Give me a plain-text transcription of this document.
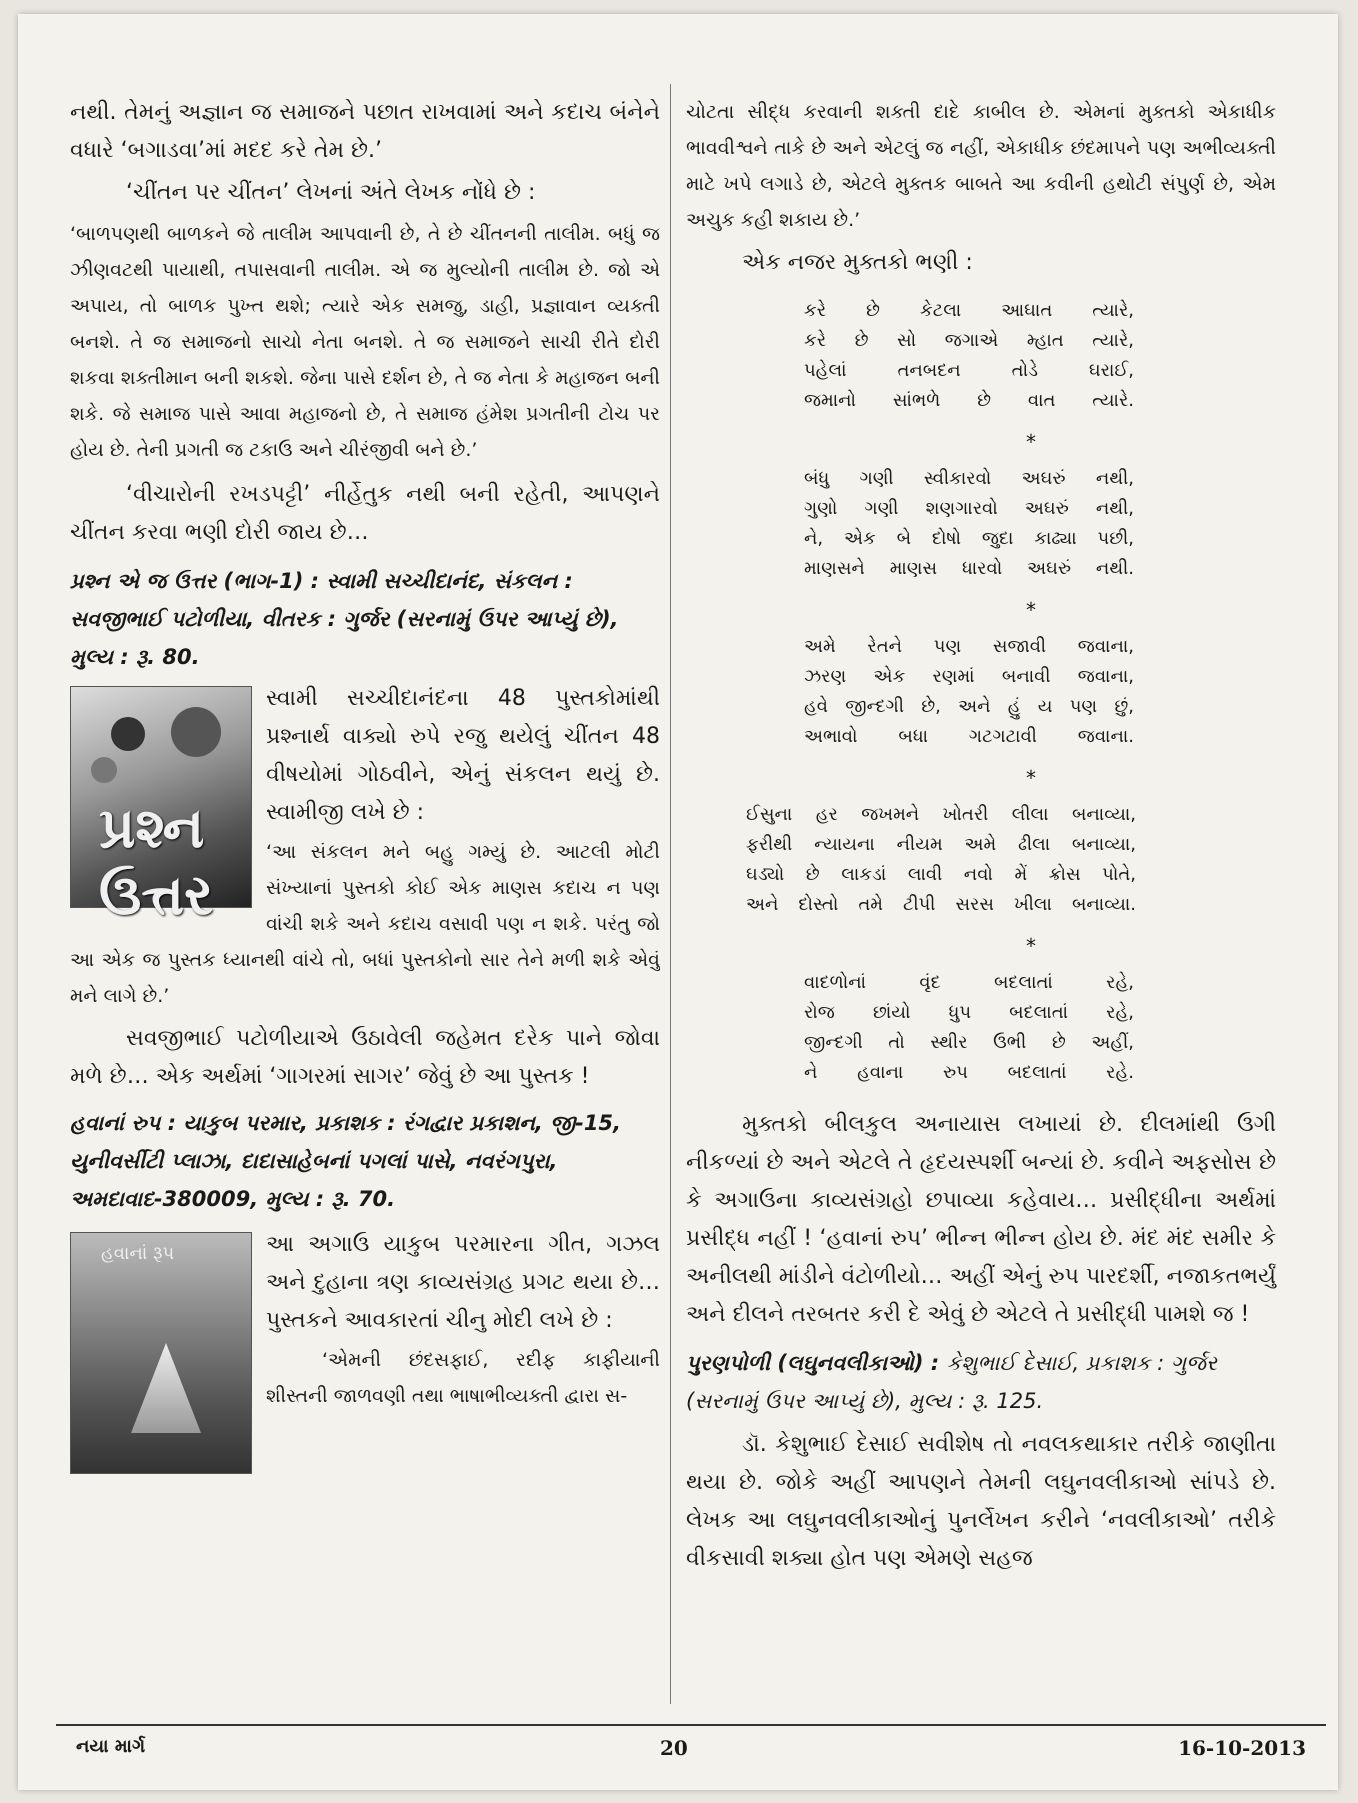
નથી. તેમનું અજ્ઞાન જ સમાજને પછાત રાખવામાં અને કદાચ બંનેને વધારે ‘બગાડવા’માં મદદ કરે તેમ છે.’

‘ચીંતન પર ચીંતન’ લેખનાં અંતે લેખક નોંધે છે :

‘બાળપણથી બાળકને જે તાલીમ આપવાની છે, તે છે ચીંતનની તાલીમ. બધું જ ઝીણવટથી પાયાથી, તપાસવાની તાલીમ. એ જ મુલ્યોની તાલીમ છે. જો એ અપાય, તો બાળક પુખ્ત થશે; ત્યારે એક સમજુ, ડાહી, પ્રજ્ઞાવાન વ્યક્તી બનશે. તે જ સમાજનો સાચો નેતા બનશે. તે જ સમાજને સાચી રીતે દોરી શકવા શક્તીમાન બની શકશે. જેના પાસે દર્શન છે, તે જ નેતા કે મહાજન બની શકે. જે સમાજ પાસે આવા મહાજનો છે, તે સમાજ હંમેશ પ્રગતીની ટોચ પર હોય છે. તેની પ્રગતી જ ટકાઉ અને ચીરંજીવી બને છે.’

‘વીચારોની રખડપટ્ટી’ નીર્હેતુક નથી બની રહેતી, આપણને ચીંતન કરવા ભણી દોરી જાય છે…

પ્રશ્ન એ જ ઉત્તર (ભાગ-1) : સ્વામી સચ્ચીદાનંદ, સંકલન : સવજીભાઈ પટોળીયા, વીતરક : ગુર્જર (સરનામું ઉપર આપ્યું છે), મુલ્ય : રૂ. 80.

પ્રશ્ન ઉત્તર

સ્વામી સચ્ચીદાનંદના 48 પુસ્તકોમાંથી પ્રશ્નાર્થ વાક્યો રુપે રજુ થયેલું ચીંતન 48 વીષયોમાં ગોઠવીને, એનું સંકલન થયું છે. સ્વામીજી લખે છે :

‘આ સંકલન મને બહુ ગમ્યું છે. આટલી મોટી સંખ્યાનાં પુસ્તકો કોઈ એક માણસ કદાચ ન પણ વાંચી શકે અને કદાચ વસાવી પણ ન શકે. પરંતુ જો આ એક જ પુસ્તક ધ્યાનથી વાંચે તો, બધાં પુસ્તકોનો સાર તેને મળી શકે એવું મને લાગે છે.’

સવજીભાઈ પટોળીયાએ ઉઠાવેલી જહેમત દરેક પાને જોવા મળે છે… એક અર્થમાં ‘ગાગરમાં સાગર’ જેવું છે આ પુસ્તક !

હવાનાં રુપ : યાકુબ પરમાર, પ્રકાશક : રંગદ્વાર પ્રકાશન, જી-15, યુનીવર્સીટી પ્લાઝા, દાદાસાહેબનાં પગલાં પાસે, નવરંગપુરા, અમદાવાદ-380009, મુલ્ય : રૂ. 70.

હવાનાં રૂપ	આ અગાઉ યાકુબ પરમારના ગીત, ગઝલ અને દુહાના ત્રણ કાવ્યસંગ્રહ પ્રગટ થયા છે… પુસ્તકને આવકારતાં ચીનુ મોદી લખે છે :

‘એમની છંદસફાઈ, રદીફ કાફીયાની શીસ્તની જાળવણી તથા ભાષાભીવ્યક્તી દ્વારા સ-

ચોટતા સીદ્ધ કરવાની શક્તી દાદે કાબીલ છે. એમનાં મુક્તકો એકાધીક ભાવવીશ્વને તાકે છે અને એટલું જ નહીં, એકાધીક છંદમાપને પણ અભીવ્યક્તી માટે ખપે લગાડે છે, એટલે મુક્તક બાબતે આ કવીની હથોટી સંપુર્ણ છે, એમ અચુક કહી શકાય છે.’

એક નજર મુક્તકો ભણી :

કરે છે કેટલા આઘાત ત્યારે,
કરે છે સો જગાએ મ્હાત ત્યારે,
પહેલાં તનબદન તોડે ઘરાઈ,
જમાનો સાંભળે છે વાત ત્યારે.
*
બંધુ ગણી સ્વીકારવો અઘરું નથી,
ગુણો ગણી શણગારવો અઘરું નથી,
ને, એક બે દોષો જુદા કાઢ્યા પછી,
માણસને માણસ ધારવો અઘરું નથી.
*
અમે રેતને પણ સજાવી જવાના,
ઝરણ એક રણમાં બનાવી જવાના,
હવે જીન્દગી છે, અને હું ય પણ છું,
અભાવો બધા ગટગટાવી જવાના.
*
ઈસુના હર જખમને ખોતરી લીલા બનાવ્યા,
ફરીથી ન્યાયના નીયમ અમે ઢીલા બનાવ્યા,
ઘડ્યો છે લાકડાં લાવી નવો મેં ક્રોસ પોતે,
અને દોસ્તો તમે ટીપી સરસ ખીલા બનાવ્યા.
*
વાદળોનાં વૃંદ બદલાતાં રહે,
રોજ છાંયો ધુપ બદલાતાં રહે,
જીન્દગી તો સ્થીર ઉભી છે અહીં,
ને હવાના રુપ બદલાતાં રહે.

મુક્તકો બીલકુલ અનાયાસ લખાયાં છે. દીલમાંથી ઉગી નીકળ્યાં છે અને એટલે તે હૃદયસ્પર્શી બન્યાં છે. કવીને અફસોસ છે કે અગાઉના કાવ્યસંગ્રહો છપાવ્યા કહેવાય… પ્રસીદ્ધીના અર્થમાં પ્રસીદ્ધ નહીં ! ‘હવાનાં રુપ’ ભીન્ન ભીન્ન હોય છે. મંદ મંદ સમીર કે અનીલથી માંડીને વંટોળીયો… અહીં એનું રુપ પારદર્શી, નજાકતભર્યું અને દીલને તરબતર કરી દે એવું છે એટલે તે પ્રસીદ્ધી પામશે જ !

પુરણપોળી (લઘુનવલીકાઓ) : કેશુભાઈ દેસાઈ, પ્રકાશક : ગુર્જર (સરનામું ઉપર આપ્યું છે), મુલ્ય : રૂ. 125.

ડૉ. કેશુભાઈ દેસાઈ સવીશેષ તો નવલકથાકાર તરીકે જાણીતા થયા છે. જોકે અહીં આપણને તેમની લઘુનવલીકાઓ સાંપડે છે. લેખક આ લઘુનવલીકાઓનું પુનર્લેખન કરીને ‘નવલીકાઓ’ તરીકે વીકસાવી શક્યા હોત પણ એમણે સહજ

નયા માર્ગ	20	16-10-2013
